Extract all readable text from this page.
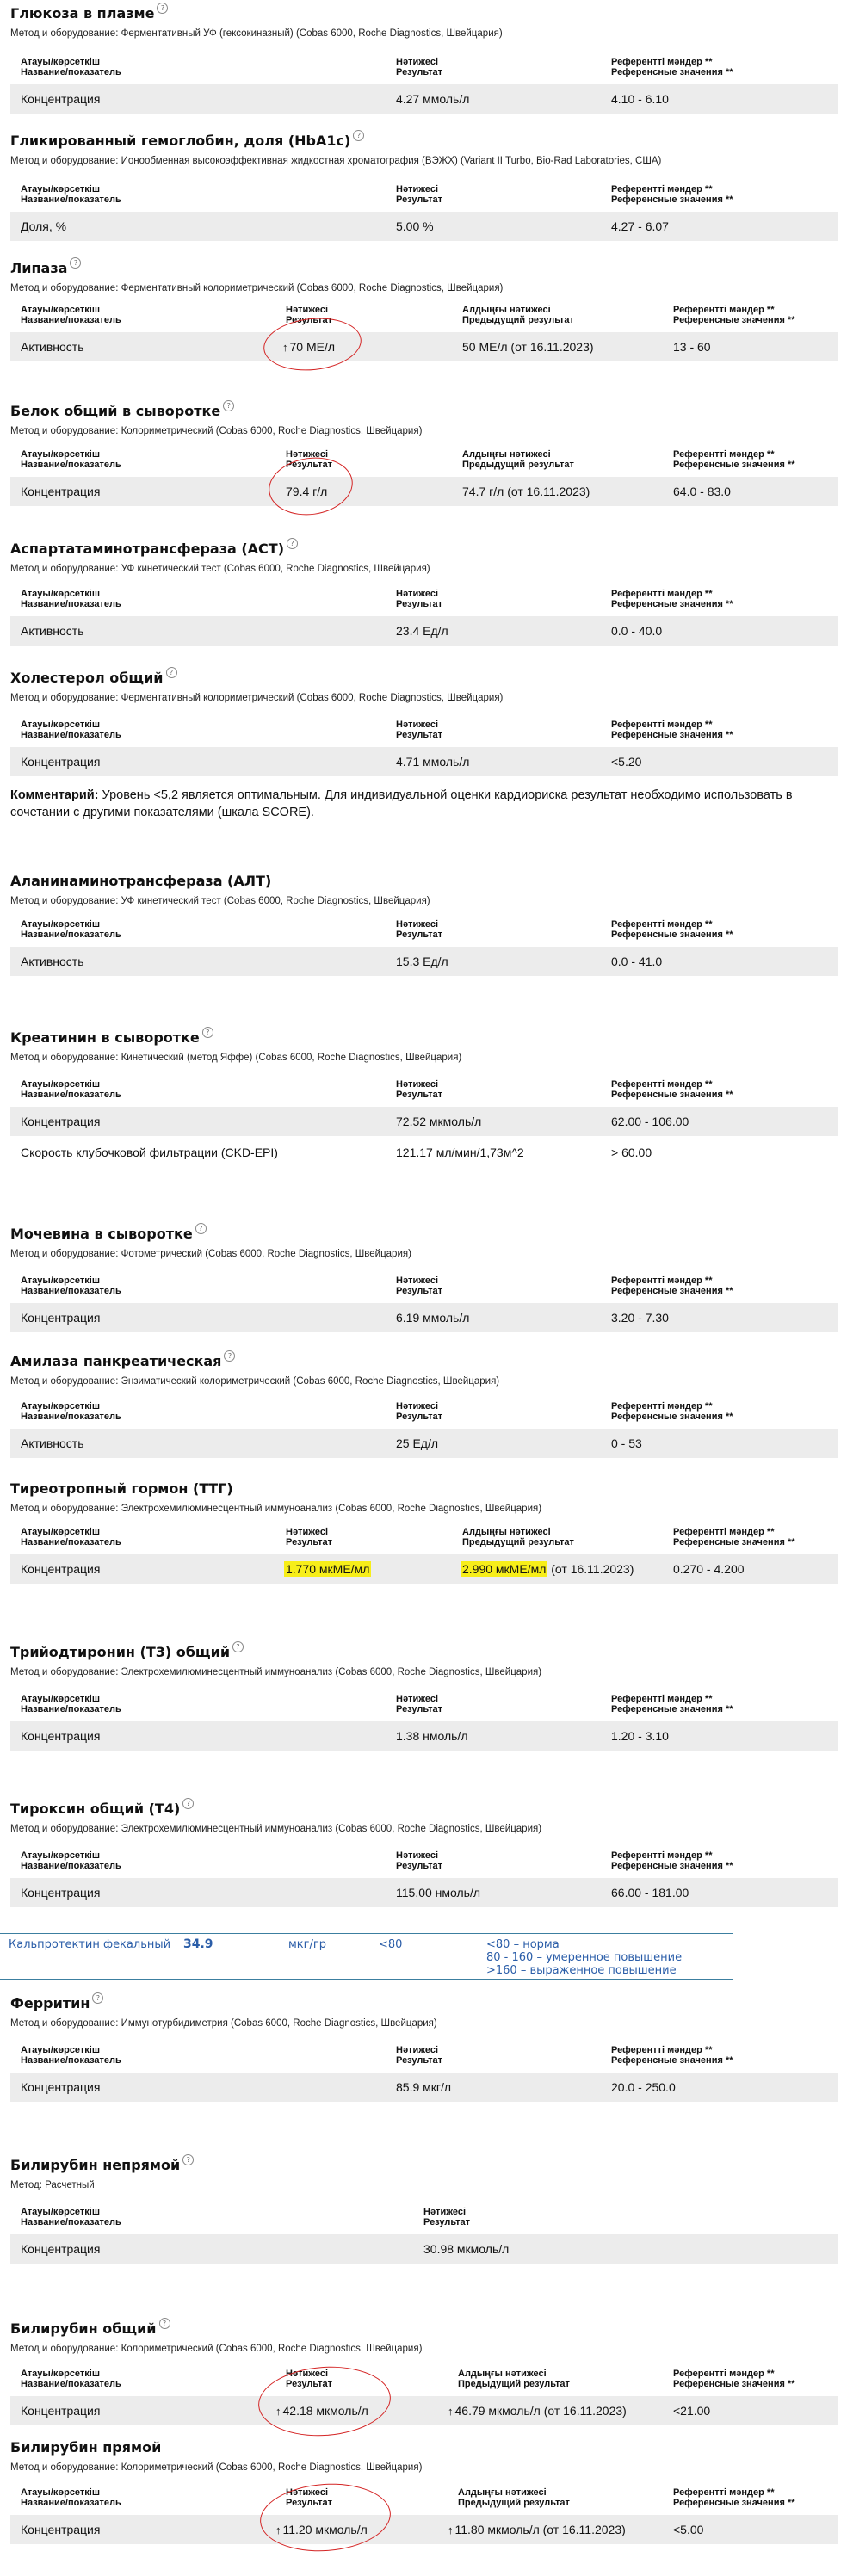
Глюкоза в плазме ?
Метод и оборудование: Ферментативный УФ (гексокиназный) (Cobas 6000, Roche Diagnostics, Швейцария)
Атауы/көрсеткіш
Название/показатель
Нәтижесі
Результат
Референтті мәндер **
Референсные значения **
Концентрация	4.27 ммоль/л	4.10 - 6.10
Гликированный гемоглобин, доля (HbA1c) ?
Метод и оборудование: Ионообменная высокоэффективная жидкостная хроматография (ВЭЖХ) (Variant II Turbo, Bio-Rad Laboratories, США)
Атауы/көрсеткіш
Название/показатель
Нәтижесі
Результат
Референтті мәндер **
Референсные значения **
Доля, %	5.00 %	4.27 - 6.07
Липаза ?
Метод и оборудование: Ферментативный колориметрический (Cobas 6000, Roche Diagnostics, Швейцария)
Атауы/көрсеткіш
Название/показатель
Нәтижесі
Результат
Алдыңғы нәтижесі
Предыдущий результат
Референтті мәндер **
Референсные значения **
Активность	↑ 70 МЕ/л	50 МЕ/л (от 16.11.2023)	13 - 60
Белок общий в сыворотке ?
Метод и оборудование: Колориметрический (Cobas 6000, Roche Diagnostics, Швейцария)
Атауы/көрсеткіш
Название/показатель
Нәтижесі
Результат
Алдыңғы нәтижесі
Предыдущий результат
Референтті мәндер **
Референсные значения **
Концентрация	79.4 г/л	74.7 г/л (от 16.11.2023)	64.0 - 83.0
Аспартатаминотрансфераза (АСТ) ?
Метод и оборудование: УФ кинетический тест (Cobas 6000, Roche Diagnostics, Швейцария)
Атауы/көрсеткіш
Название/показатель
Нәтижесі
Результат
Референтті мәндер **
Референсные значения **
Активность	23.4 Ед/л	0.0 - 40.0
Холестерол общий ?
Метод и оборудование: Ферментативный колориметрический (Cobas 6000, Roche Diagnostics, Швейцария)
Атауы/көрсеткіш
Название/показатель
Нәтижесі
Результат
Референтті мәндер **
Референсные значения **
Концентрация	4.71 ммоль/л	<5.20
Комментарий: Уровень <5,2 является оптимальным. Для индивидуальной оценки кардиориска результат необходимо использовать в сочетании с другими показателями (шкала SCORE).
Аланинаминотрансфераза (АЛТ)
Метод и оборудование: УФ кинетический тест (Cobas 6000, Roche Diagnostics, Швейцария)
Атауы/көрсеткіш
Название/показатель
Нәтижесі
Результат
Референтті мәндер **
Референсные значения **
Активность	15.3 Ед/л	0.0 - 41.0
Креатинин в сыворотке ?
Метод и оборудование: Кинетический (метод Яффе) (Cobas 6000, Roche Diagnostics, Швейцария)
Атауы/көрсеткіш
Название/показатель
Нәтижесі
Результат
Референтті мәндер **
Референсные значения **
Концентрация	72.52 мкмоль/л	62.00 - 106.00
Скорость клубочковой фильтрации (CKD-EPI)	121.17 мл/мин/1,73м^2	> 60.00
Мочевина в сыворотке ?
Метод и оборудование: Фотометрический (Cobas 6000, Roche Diagnostics, Швейцария)
Атауы/көрсеткіш
Название/показатель
Нәтижесі
Результат
Референтті мәндер **
Референсные значения **
Концентрация	6.19 ммоль/л	3.20 - 7.30
Амилаза панкреатическая ?
Метод и оборудование: Энзиматический колориметрический (Cobas 6000, Roche Diagnostics, Швейцария)
Атауы/көрсеткіш
Название/показатель
Нәтижесі
Результат
Референтті мәндер **
Референсные значения **
Активность	25 Ед/л	0 - 53
Тиреотропный гормон (ТТГ)
Метод и оборудование: Электрохемилюминесцентный иммуноанализ (Cobas 6000, Roche Diagnostics, Швейцария)
Атауы/көрсеткіш
Название/показатель
Нәтижесі
Результат
Алдыңғы нәтижесі
Предыдущий результат
Референтті мәндер **
Референсные значения **
Концентрация	1.770 мкМЕ/мл	2.990 мкМЕ/мл (от 16.11.2023)	0.270 - 4.200
Трийодтиронин (Т3) общий ?
Метод и оборудование: Электрохемилюминесцентный иммуноанализ (Cobas 6000, Roche Diagnostics, Швейцария)
Атауы/көрсеткіш
Название/показатель
Нәтижесі
Результат
Референтті мәндер **
Референсные значения **
Концентрация	1.38 нмоль/л	1.20 - 3.10
Тироксин общий (Т4) ?
Метод и оборудование: Электрохемилюминесцентный иммуноанализ (Cobas 6000, Roche Diagnostics, Швейцария)
Атауы/көрсеткіш
Название/показатель
Нәтижесі
Результат
Референтті мәндер **
Референсные значения **
Концентрация	115.00 нмоль/л	66.00 - 181.00
Кальпротектин фекальный 34.9	мкг/гр	<80	<80 – норма
80 - 160 – умеренное повышение
>160 – выраженное повышение
Ферритин ?
Метод и оборудование: Иммунотурбидиметрия (Cobas 6000, Roche Diagnostics, Швейцария)
Атауы/көрсеткіш
Название/показатель
Нәтижесі
Результат
Референтті мәндер **
Референсные значения **
Концентрация	85.9 мкг/л	20.0 - 250.0
Билирубин непрямой ?
Метод: Расчетный
Атауы/көрсеткіш
Название/показатель
Нәтижесі
Результат
Концентрация	30.98 мкмоль/л
Билирубин общий ?
Метод и оборудование: Колориметрический (Cobas 6000, Roche Diagnostics, Швейцария)
Атауы/көрсеткіш
Название/показатель
Нәтижесі
Результат
Алдыңғы нәтижесі
Предыдущий результат
Референтті мәндер **
Референсные значения **
Концентрация	↑ 42.18 мкмоль/л	↑ 46.79 мкмоль/л (от 16.11.2023)	<21.00
Билирубин прямой
Метод и оборудование: Колориметрический (Cobas 6000, Roche Diagnostics, Швейцария)
Атауы/көрсеткіш
Название/показатель
Нәтижесі
Результат
Алдыңғы нәтижесі
Предыдущий результат
Референтті мәндер **
Референсные значения **
Концентрация	↑ 11.20 мкмоль/л	↑ 11.80 мкмоль/л (от 16.11.2023)	<5.00
